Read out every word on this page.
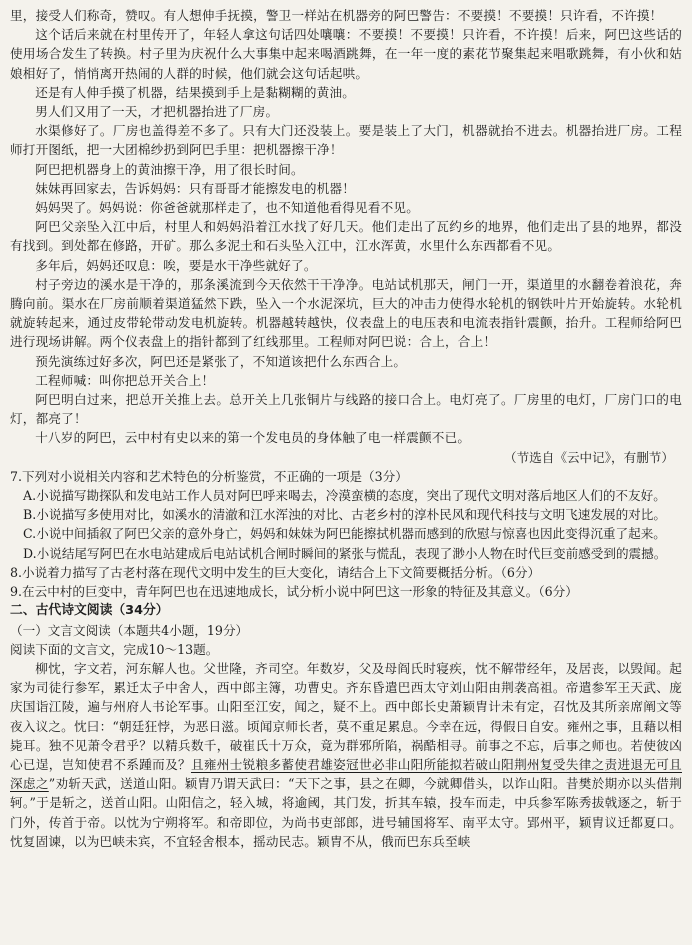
里，接受人们称奇，赞叹。有人想伸手抚摸，警卫一样站在机器旁的阿巴警告：不要摸！不要摸！只许看，不许摸！

这个话后来就在村里传开了，年轻人拿这句话四处嚷嚷：不要摸！不要摸！只许看，不许摸！后来，阿巴这些话的使用场合发生了转换。村子里为庆祝什么大事集中起来喝酒跳舞，在一年一度的素花节聚集起来唱歌跳舞，有小伙和姑娘相好了，悄悄离开热闹的人群的时候，他们就会这句话起哄。

还是有人伸手摸了机器，结果摸到手上是黏糊糊的黄油。

男人们又用了一天，才把机器抬进了厂房。

水渠修好了。厂房也盖得差不多了。只有大门还没装上。要是装上了大门，机器就抬不进去。机器抬进厂房。工程师打开图纸，把一大团棉纱扔到阿巴手里：把机器擦干净！

阿巴把机器身上的黄油擦干净，用了很长时间。

妹妹再回家去，告诉妈妈：只有哥哥才能擦发电的机器！

妈妈哭了。妈妈说：你爸爸就那样走了，也不知道他看得见看不见。

阿巴父亲坠入江中后，村里人和妈妈沿着江水找了好几天。他们走出了瓦约乡的地界，他们走出了县的地界，都没有找到。到处都在修路，开矿。那么多泥土和石头坠入江中，江水浑黄，水里什么东西都看不见。

多年后，妈妈还叹息：唉，要是水干净些就好了。

村子旁边的溪水是干净的，那条溪流到今天依然干干净净。电站试机那天，闸门一开，渠道里的水翻卷着浪花，奔腾向前。渠水在厂房前顺着渠道猛然下跌，坠入一个水泥深坑，巨大的冲击力使得水轮机的钢铁叶片开始旋转。水轮机就旋转起来，通过皮带轮带动发电机旋转。机器越转越快，仪表盘上的电压表和电流表指针震颤，抬升。工程师给阿巴进行现场讲解。两个仪表盘上的指针都到了红线那里。工程师对阿巴说：合上，合上！

预先演练过好多次，阿巴还是紧张了，不知道该把什么东西合上。

工程师喊：叫你把总开关合上！

阿巴明白过来，把总开关推上去。总开关上几张铜片与线路的接口合上。电灯亮了。厂房里的电灯，厂房门口的电灯，都亮了！

十八岁的阿巴，云中村有史以来的第一个发电员的身体触了电一样震颤不已。

（节选自《云中记》，有删节）

7.下列对小说相关内容和艺术特色的分析鉴赏，不正确的一项是（3分）

A.小说描写勘探队和发电站工作人员对阿巴呼来喝去，冷漠蛮横的态度，突出了现代文明对落后地区人们的不友好。

B.小说描写多使用对比，如溪水的清澈和江水浑浊的对比、古老乡村的淳朴民风和现代科技与文明飞速发展的对比。

C.小说中间插叙了阿巴父亲的意外身亡，妈妈和妹妹为阿巴能擦拭机器而感到的欣慰与惊喜也因此变得沉重了起来。

D.小说结尾写阿巴在水电站建成后电站试机合闸时瞬间的紧张与慌乱，表现了渺小人物在时代巨变前感受到的震撼。

8.小说着力描写了古老村落在现代文明中发生的巨大变化，请结合上下文简要概括分析。（6分）

9.在云中村的巨变中，青年阿巴也在迅速地成长，试分析小说中阿巴这一形象的特征及其意义。（6分）

二、古代诗文阅读（34分）

（一）文言文阅读（本题共4小题，19分）

阅读下面的文言文，完成10～13题。

柳忱，字文若，河东解人也。父世隆，齐司空。年数岁，父及母阎氏时寝疾，忱不解带经年，及居丧，以毁闻。起家为司徒行参军，累迁太子中舍人，西中郎主簿，功曹史。齐东昏遣巴西太守刘山阳由荆袭高祖。帝遣参军王天武、庞庆国诣江陵，遍与州府人书论军事。山阳至江安，闻之，疑不上。西中郎长史萧颖胄计未有定，召忱及其所亲席阐文等夜入议之。忱曰：“朝廷狂悖，为恶日滋。顷闻京师长者，莫不重足累息。今幸在远，得假日自安。雍州之事，且藉以相毙耳。独不见萧令君乎？以精兵数千，破崔氏十万众，竟为群邪所陷，祸酷相寻。前事之不忘，后事之师也。若使彼凶心已逞，岂知使君不系踵而及？且雍州士锐粮多蓄使君雄姿冠世必非山阳所能拟若破山阳荆州复受失律之责进退无可且深虑之”劝斩天武，送道山阳。颖胄乃谓天武曰：“天下之事，县之在卿，今就卿借头，以诈山阳。昔樊於期亦以头借荆轲。”于是斩之，送首山阳。山阳信之，轻入城，将逾阈，其门发，折其车辕，投车而走，中兵参军陈秀拔戟逐之，斩于门外，传首于帝。以忱为宁朔将军。和帝即位，为尚书吏部郎，进号辅国将军、南平太守。郢州平，颖胄议迁都夏口。忱复固谏，以为巴峡未宾，不宜轻舍根本，摇动民志。颖胄不从，俄而巴东兵至峡
